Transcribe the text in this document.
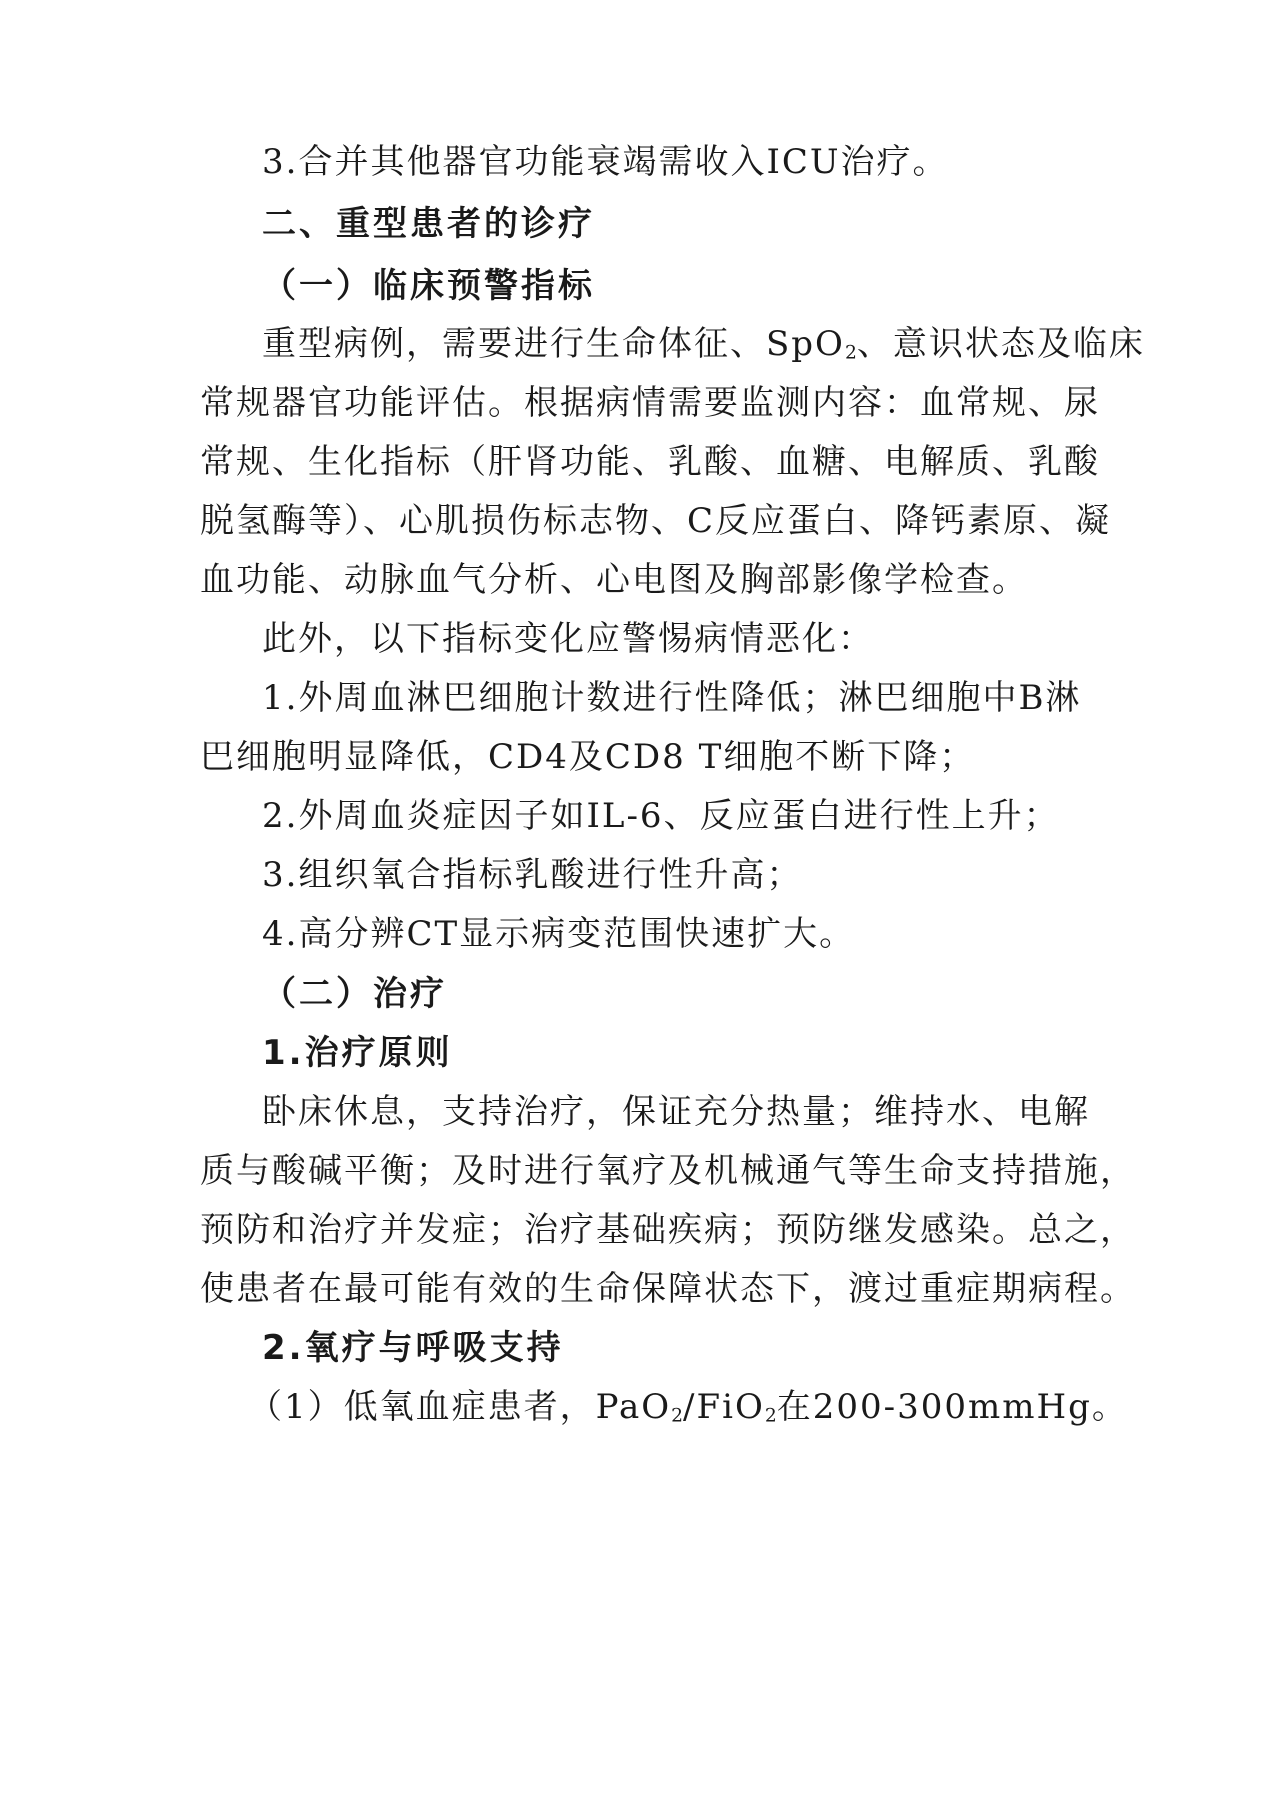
3.合并其他器官功能衰竭需收入ICU治疗。
二、重型患者的诊疗
（一）临床预警指标
重型病例，需要进行生命体征、SpO$_2$、意识状态及临床
常规器官功能评估。根据病情需要监测内容：血常规、尿
常规、生化指标（肝肾功能、乳酸、血糖、电解质、乳酸
脱氢酶等）、心肌损伤标志物、C反应蛋白、降钙素原、凝
血功能、动脉血气分析、心电图及胸部影像学检查。
此外，以下指标变化应警惕病情恶化：
1.外周血淋巴细胞计数进行性降低；淋巴细胞中B淋
巴细胞明显降低，CD4及CD8 T细胞不断下降；
2.外周血炎症因子如IL-6、反应蛋白进行性上升；
3.组织氧合指标乳酸进行性升高；
4.高分辨CT显示病变范围快速扩大。
（二）治疗
1.治疗原则
卧床休息，支持治疗，保证充分热量；维持水、电解
质与酸碱平衡；及时进行氧疗及机械通气等生命支持措施，
预防和治疗并发症；治疗基础疾病；预防继发感染。总之，
使患者在最可能有效的生命保障状态下，渡过重症期病程。
2.氧疗与呼吸支持
（1）低氧血症患者，PaO$_2$/FiO$_2$在200-300mmHg。
